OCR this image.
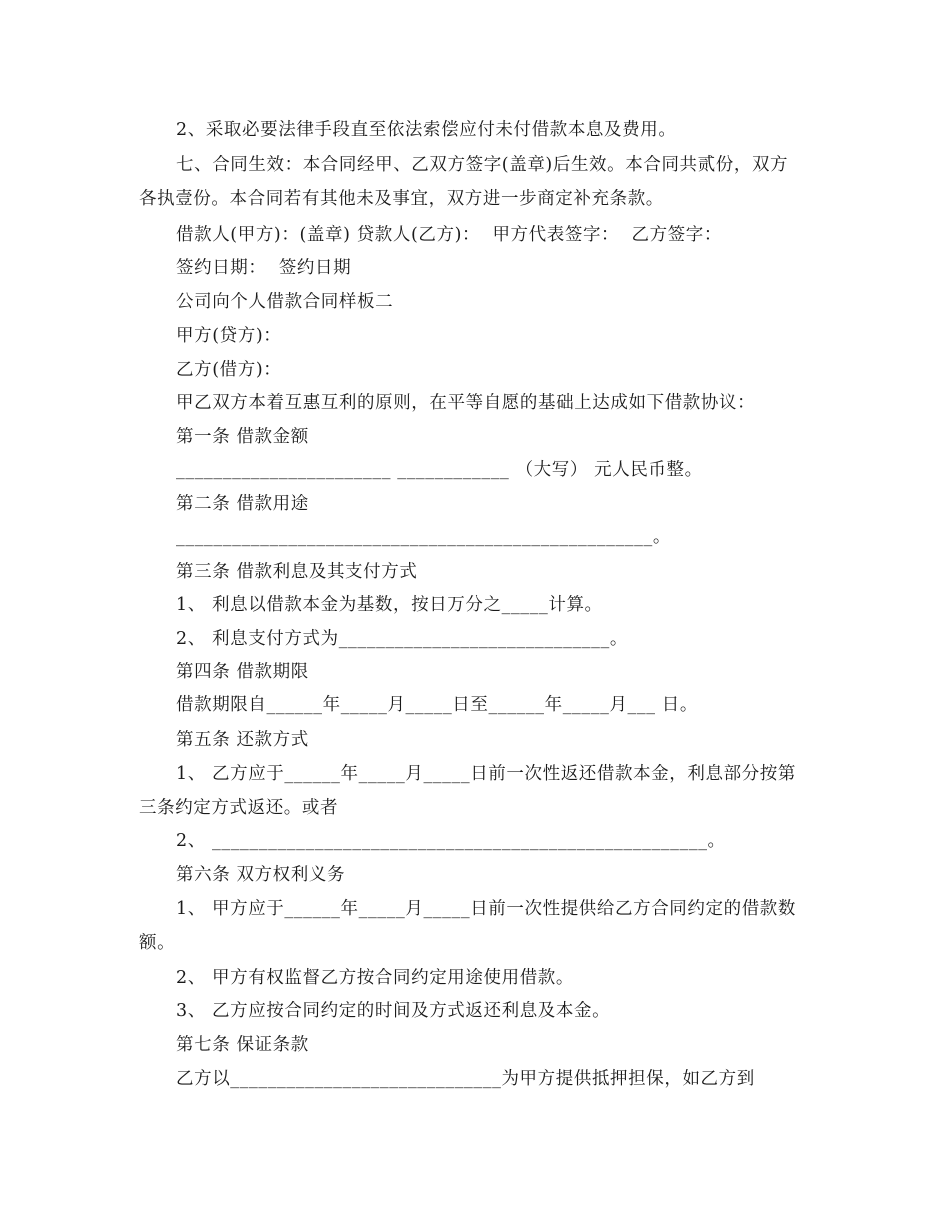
2、采取必要法律手段直至依法索偿应付未付借款本息及费用。
七、合同生效：本合同经甲、乙双方签字(盖章)后生效。本合同共贰份，双方
各执壹份。本合同若有其他未及事宜，双方进一步商定补充条款。
借款人(甲方)：(盖章) 贷款人(乙方)：  甲方代表签字：  乙方签字：
签约日期：  签约日期
公司向个人借款合同样板二
甲方(贷方)：
乙方(借方)：
甲乙双方本着互惠互利的原则，在平等自愿的基础上达成如下借款协议：
第一条 借款金额
_______________________ ____________ （大写） 元人民币整。
第二条 借款用途
___________________________________________________。
第三条 借款利息及其支付方式
1、 利息以借款本金为基数，按日万分之_____计算。
2、 利息支付方式为_____________________________。
第四条 借款期限
借款期限自______年_____月_____日至______年_____月___ 日。
第五条 还款方式
1、 乙方应于______年_____月_____日前一次性返还借款本金，利息部分按第
三条约定方式返还。或者
2、 _____________________________________________________。
第六条 双方权利义务
1、 甲方应于______年_____月_____日前一次性提供给乙方合同约定的借款数
额。
2、 甲方有权监督乙方按合同约定用途使用借款。
3、 乙方应按合同约定的时间及方式返还利息及本金。
第七条 保证条款
乙方以_____________________________为甲方提供抵押担保，如乙方到
